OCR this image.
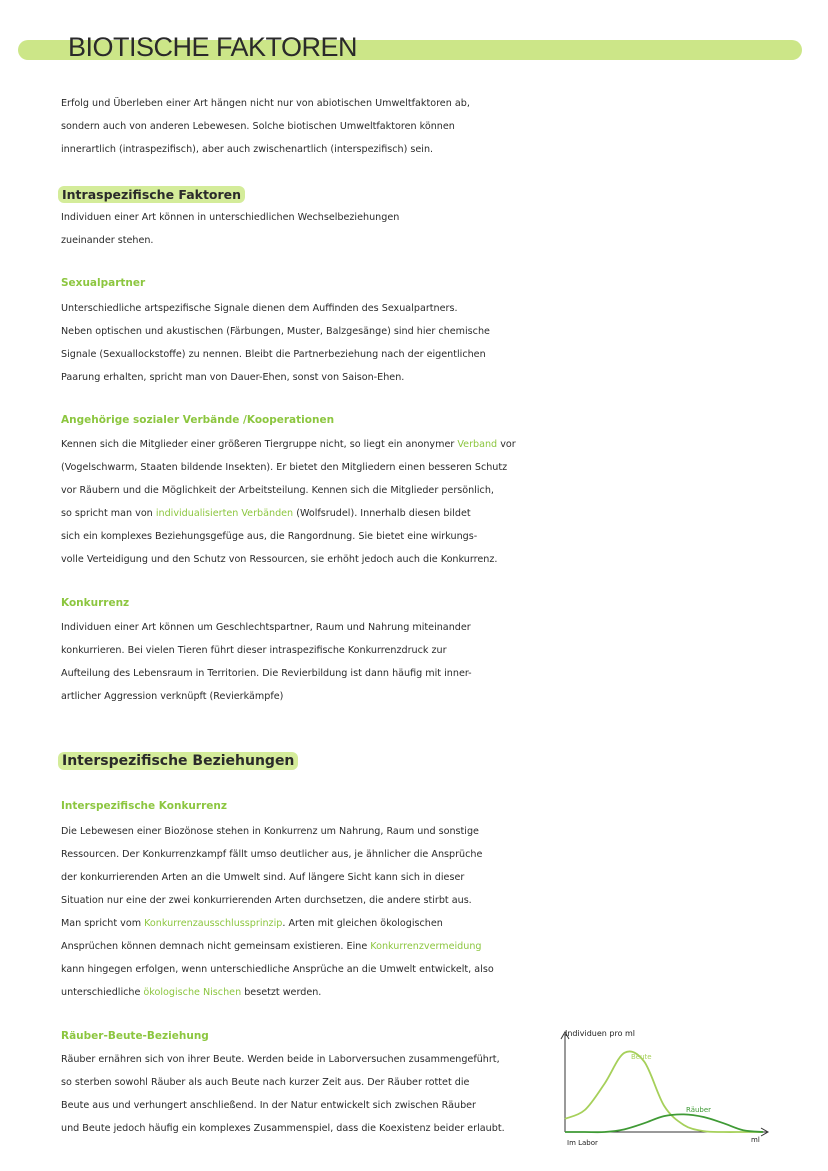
BIOTISCHE FAKTOREN

Erfolg und Überleben einer Art hängen nicht nur von abiotischen Umweltfaktoren ab,
sondern auch von anderen Lebewesen. Solche biotischen Umweltfaktoren können
innerartlich (intraspezifisch), aber auch zwischenartlich (interspezifisch) sein.

Intraspezifische Faktoren

Individuen einer Art können in unterschiedlichen Wechselbeziehungen
zueinander stehen.

Sexualpartner

Unterschiedliche artspezifische Signale dienen dem Auffinden des Sexualpartners.
Neben optischen und akustischen (Färbungen, Muster, Balzgesänge) sind hier chemische
Signale (Sexuallockstoffe) zu nennen. Bleibt die Partnerbeziehung nach der eigentlichen
Paarung erhalten, spricht man von Dauer-Ehen, sonst von Saison-Ehen.

Angehörige sozialer Verbände /Kooperationen

Kennen sich die Mitglieder einer größeren Tiergruppe nicht, so liegt ein anonymer Verband vor
(Vogelschwarm, Staaten bildende Insekten). Er bietet den Mitgliedern einen besseren Schutz
vor Räubern und die Möglichkeit der Arbeitsteilung. Kennen sich die Mitglieder persönlich,
so spricht man von individualisierten Verbänden (Wolfsrudel). Innerhalb diesen bildet
sich ein komplexes Beziehungsgefüge aus, die Rangordnung. Sie bietet eine wirkungs-
volle Verteidigung und den Schutz von Ressourcen, sie erhöht jedoch auch die Konkurrenz.

Konkurrenz

Individuen einer Art können um Geschlechtspartner, Raum und Nahrung miteinander
konkurrieren. Bei vielen Tieren führt dieser intraspezifische Konkurrenzdruck zur
Aufteilung des Lebensraum in Territorien. Die Revierbildung ist dann häufig mit inner-
artlicher Aggression verknüpft (Revierkämpfe)

Interspezifische Beziehungen
Interspezifische Konkurrenz

Die Lebewesen einer Biozönose stehen in Konkurrenz um Nahrung, Raum und sonstige
Ressourcen. Der Konkurrenzkampf fällt umso deutlicher aus, je ähnlicher die Ansprüche
der konkurrierenden Arten an die Umwelt sind. Auf längere Sicht kann sich in dieser
Situation nur eine der zwei konkurrierenden Arten durchsetzen, die andere stirbt aus.
Man spricht vom Konkurrenzausschlussprinzip. Arten mit gleichen ökologischen
Ansprüchen können demnach nicht gemeinsam existieren. Eine Konkurrenzvermeidung
kann hingegen erfolgen, wenn unterschiedliche Ansprüche an die Umwelt entwickelt, also
unterschiedliche ökologische Nischen besetzt werden.

Räuber-Beute-Beziehung

Räuber ernähren sich von ihrer Beute. Werden beide in Laborversuchen zusammengeführt,
so sterben sowohl Räuber als auch Beute nach kurzer Zeit aus. Der Räuber rottet die
Beute aus und verhungert anschließend. In der Natur entwickelt sich zwischen Räuber
und Beute jedoch häufig ein komplexes Zusammenspiel, dass die Koexistenz beider erlaubt.

Individuen pro ml
ml
Im Labor
Beute
Räuber
